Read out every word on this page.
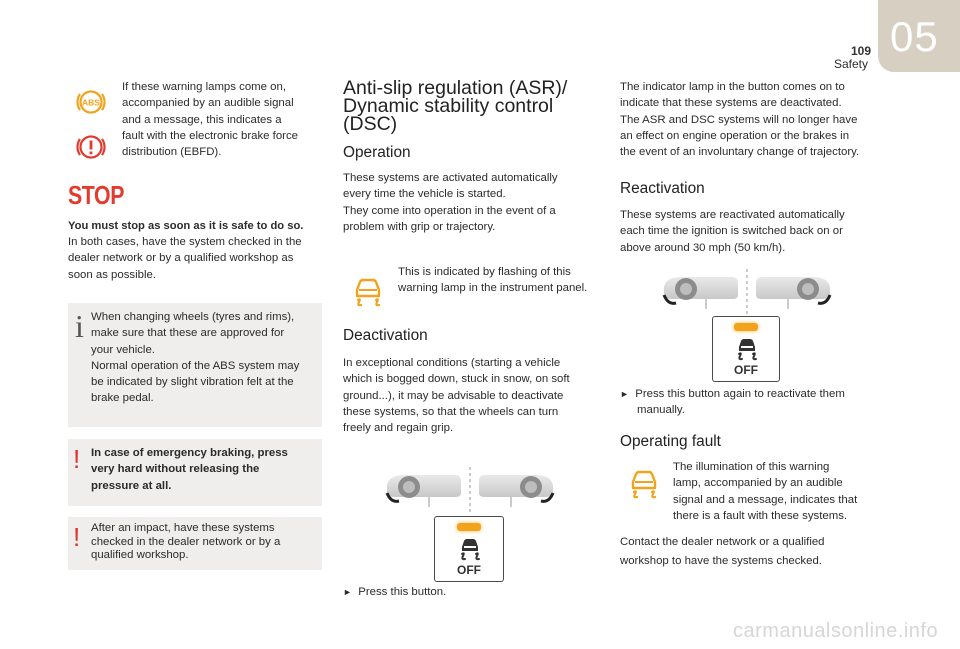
05
109
Safety
ABS
If these warning lamps come on,
accompanied by an audible signal
and a message, this indicates a
fault with the electronic brake force
distribution (EBFD).
STOP
You must stop as soon as it is safe to do so.
In both cases, have the system checked in the
dealer network or by a qualified workshop as
soon as possible.
i When changing wheels (tyres and rims),
make sure that these are approved for
your vehicle.
Normal operation of the ABS system may
be indicated by slight vibration felt at the
brake pedal.
! In case of emergency braking, press
very hard without releasing the
pressure at all.
! After an impact, have these systems
checked in the dealer network or by a
qualified workshop.
Anti-slip regulation (ASR)/
Dynamic stability control
(DSC)
Operation
These systems are activated automatically
every time the vehicle is started.
They come into operation in the event of a
problem with grip or trajectory.
This is indicated by flashing of this
warning lamp in the instrument panel.
Deactivation
In exceptional conditions (starting a vehicle
which is bogged down, stuck in snow, on soft
ground...), it may be advisable to deactivate
these systems, so that the wheels can turn
freely and regain grip.
OFF
► Press this button.
The indicator lamp in the button comes on to
indicate that these systems are deactivated.
The ASR and DSC systems will no longer have
an effect on engine operation or the brakes in
the event of an involuntary change of trajectory.
Reactivation
These systems are reactivated automatically
each time the ignition is switched back on or
above around 30 mph (50 km/h).
OFF
► Press this button again to reactivate them
manually.
Operating fault
The illumination of this warning
lamp, accompanied by an audible
signal and a message, indicates that
there is a fault with these systems.
Contact the dealer network or a qualified
workshop to have the systems checked.
carmanualsonline.info
